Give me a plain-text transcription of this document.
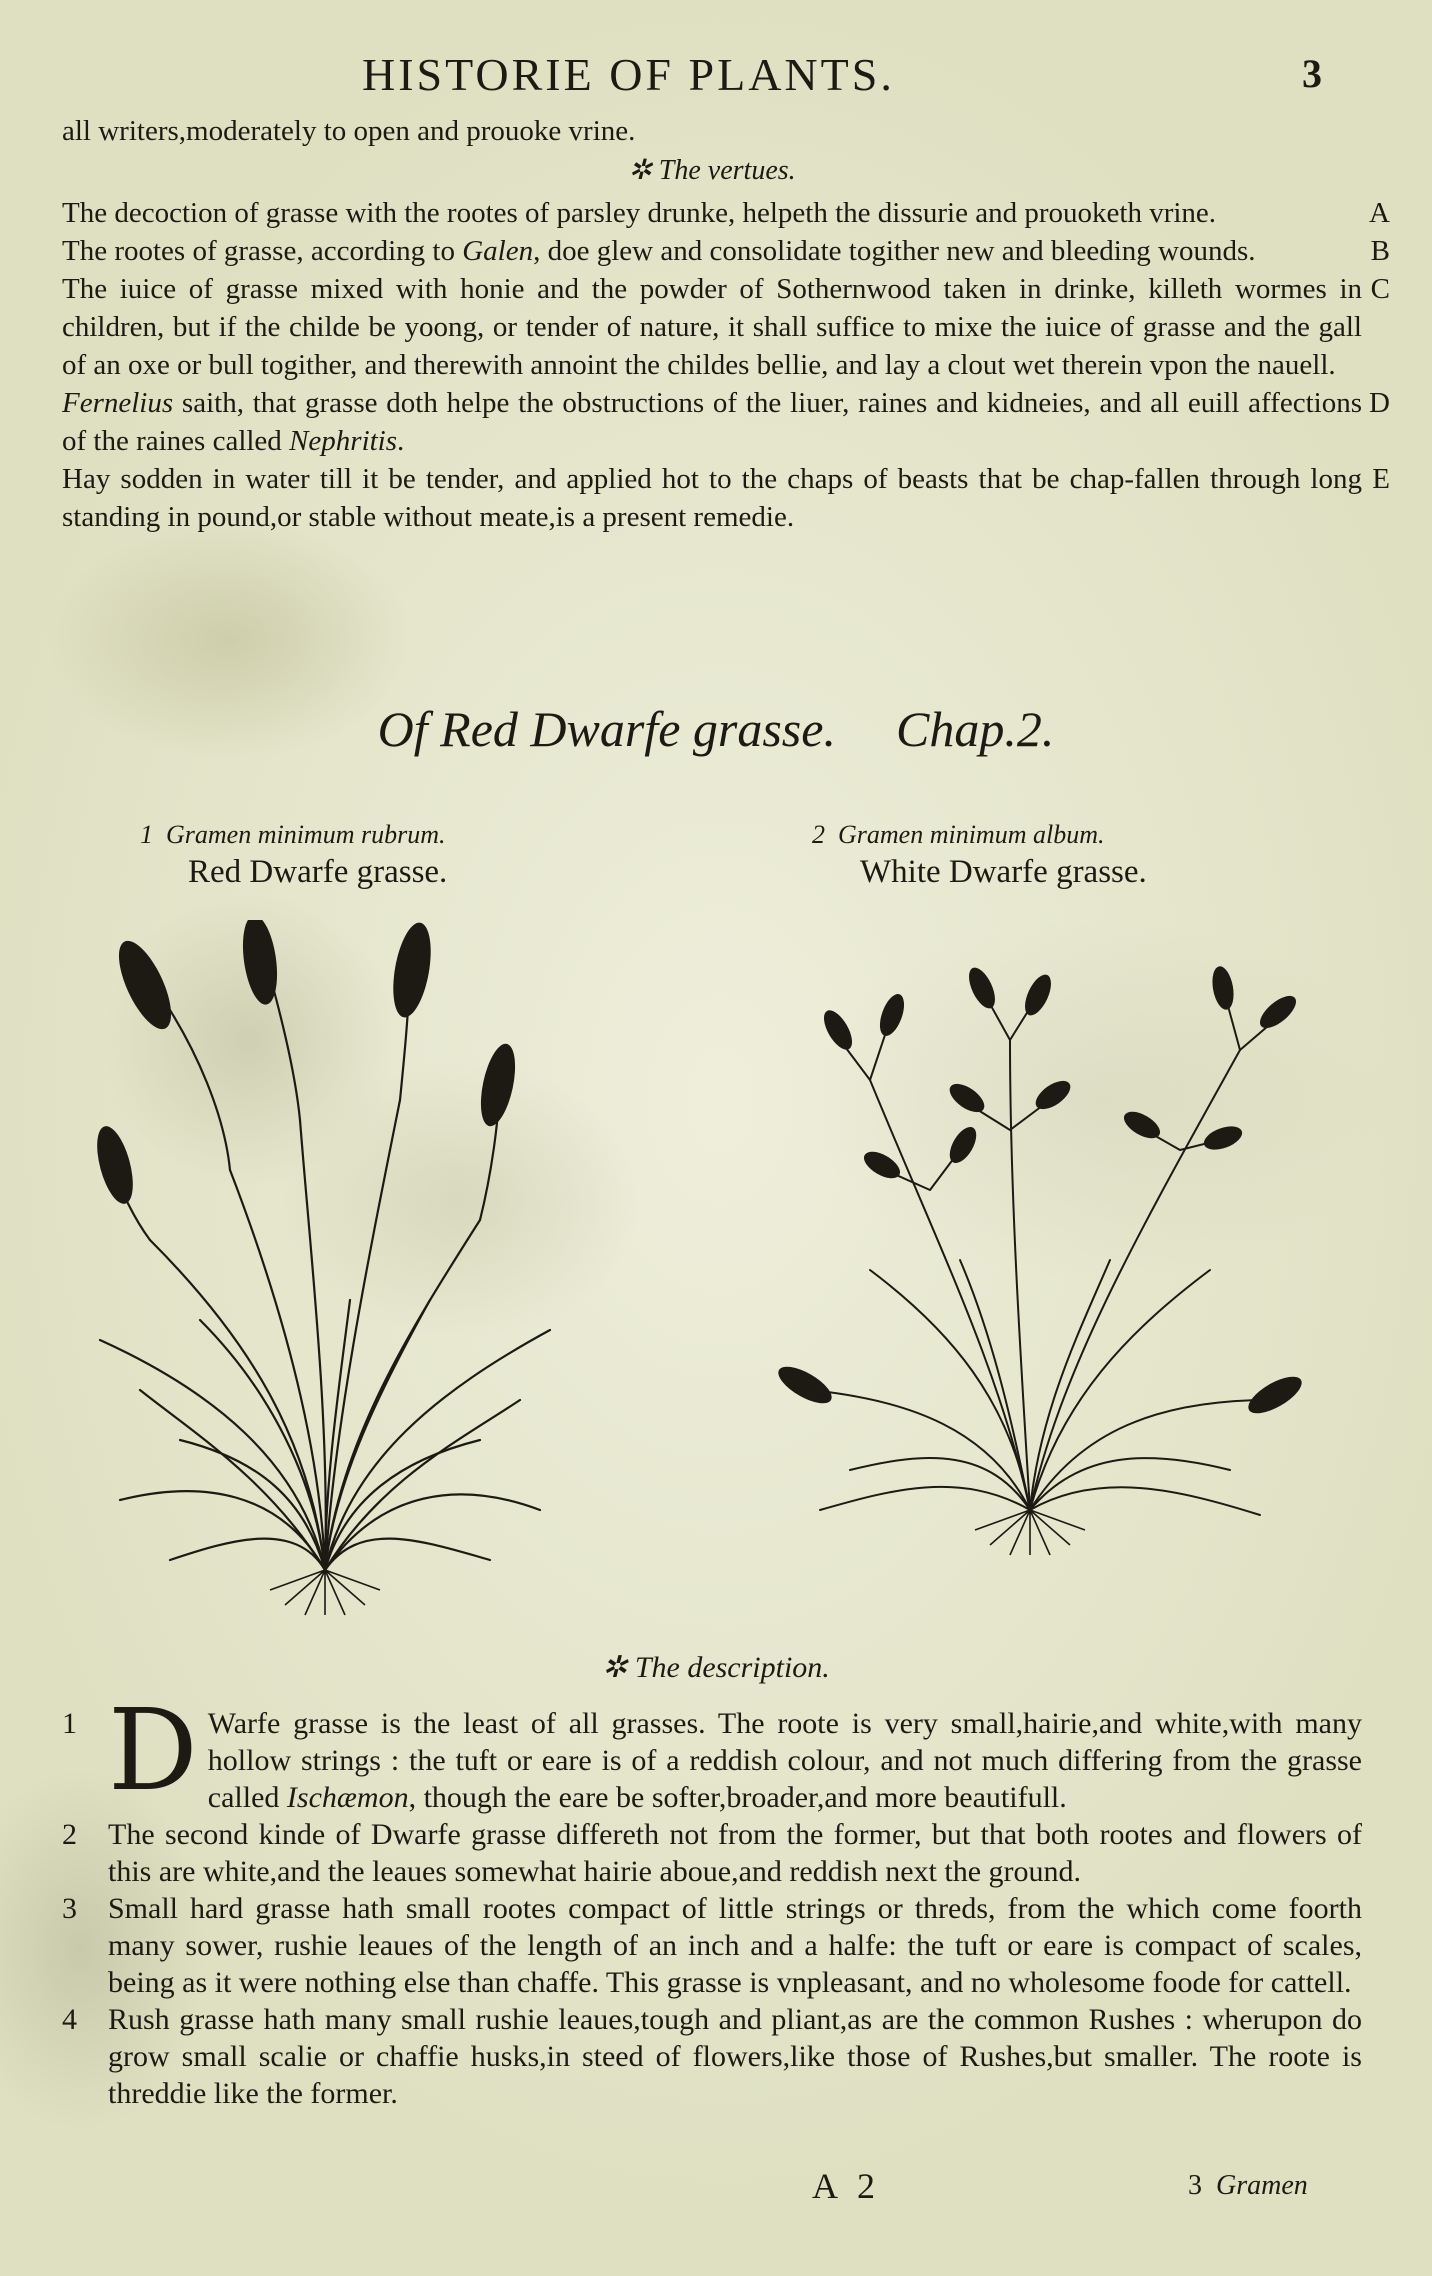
HISTORIE OF PLANTS.	3

all writers,moderately to open and prouoke vrine.

✲ The vertues.

The decoction of grasse with the rootes of parsley drunke, helpeth the dissurie and prouoketh vrine.	A

The rootes of grasse, according to Galen, doe glew and consolidate togither new and bleeding wounds.	B

The iuice of grasse mixed with honie and the powder of Sothernwood taken in drinke, killeth wormes in children, but if the childe be yoong, or tender of nature, it shall suffice to mixe the iuice of grasse and the gall of an oxe or bull togither, and therewith annoint the childes bellie, and lay a clout wet therein vpon the nauell.
C

Fernelius saith, that grasse doth helpe the obstructions of the liuer, raines and kidneies, and all euill affections of the raines called Nephritis.
D

Hay sodden in water till it be tender, and applied hot to the chaps of beasts that be chap-fallen through long standing in pound,or stable without meate,is a present remedie.
E

Of Red Dwarfe grasse. Chap.2.
1 Gramen minimum rubrum.
Red Dwarfe grasse.
2 Gramen minimum album.
White Dwarfe grasse.
✲ The description.

1 D Warfe grasse is the least of all grasses. The roote is very small,hairie,and white,with many hollow strings : the tuft or eare is of a reddish colour, and not much differing from the grasse called Ischæmon, though the eare be softer,broader,and more beautifull.

2 The second kinde of Dwarfe grasse differeth not from the former, but that both rootes and flowers of this are white,and the leaues somewhat hairie aboue,and reddish next the ground.

3 Small hard grasse hath small rootes compact of little strings or threds, from the which come foorth many sower, rushie leaues of the length of an inch and a halfe: the tuft or eare is compact of scales, being as it were nothing else than chaffe. This grasse is vnpleasant, and no wholesome foode for cattell.

4 Rush grasse hath many small rushie leaues,tough and pliant,as are the common Rushes : wherupon do grow small scalie or chaffie husks,in steed of flowers,like those of Rushes,but smaller. The roote is threddie like the former.

A 2	3 Gramen
